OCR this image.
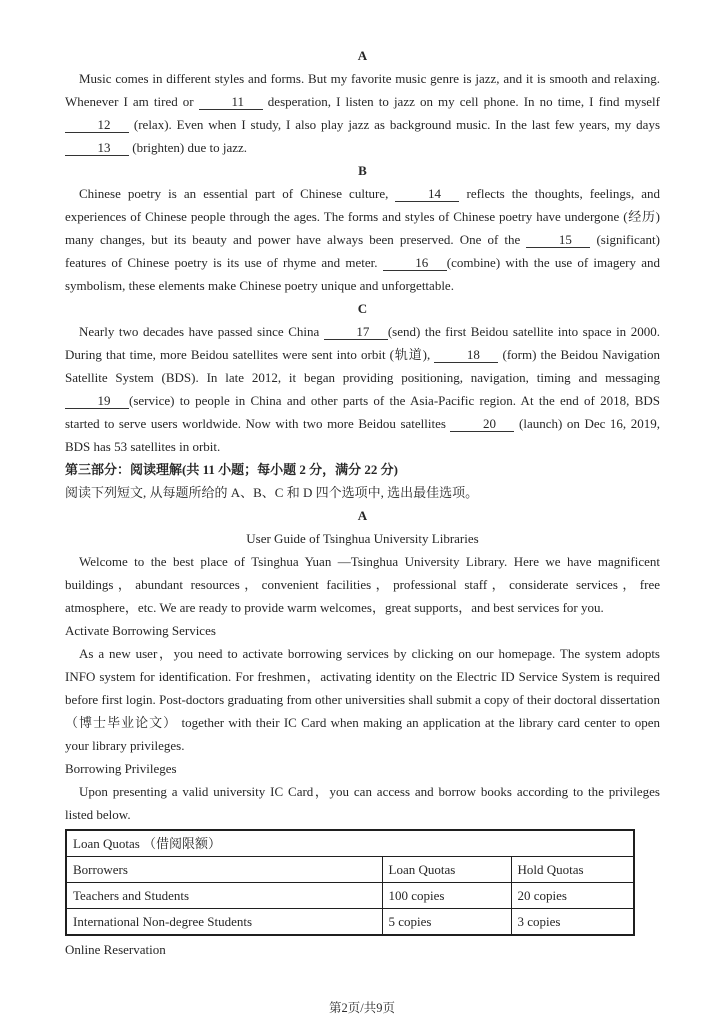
A

Music comes in different styles and forms. But my favorite music genre is jazz, and it is smooth and relaxing. Whenever I am tired or	11 desperation, I listen to jazz on my cell phone. In no time, I find myself 12 (relax). Even when I study, I also play jazz as background music. In the last few years, my days 13 (brighten) due to jazz.

B

Chinese poetry is an essential part of Chinese culture,	14 reflects the thoughts, feelings, and experiences of Chinese people through the ages. The forms and styles of Chinese poetry have undergone (经历) many changes, but its beauty and power have always been preserved. One of the	15 (significant) features of Chinese poetry is its use of rhyme and meter.	16 (combine) with the use of imagery and symbolism, these elements make Chinese poetry unique and unforgettable.

C

Nearly two decades have passed since China	17 (send) the first Beidou satellite into space in 2000. During that time, more Beidou satellites were sent into orbit (轨道),	18 (form) the Beidou Navigation Satellite System (BDS). In late 2012, it began providing positioning, navigation, timing and messaging 19 (service) to people in China and other parts of the Asia-Pacific region. At the end of 2018, BDS started to serve users worldwide. Now with two more Beidou satellites	20 (launch) on Dec 16, 2019, BDS has 53 satellites in orbit.

第三部分：阅读理解(共 11 小题；每小题 2 分，满分 22 分)
阅读下列短文, 从每题所给的 A、B、C 和 D 四个选项中, 选出最佳选项。
A
User Guide of Tsinghua University Libraries

Welcome to the best place of Tsinghua Yuan —Tsinghua University Library. Here we have magnificent buildings，abundant resources，convenient facilities，professional staff，considerate services，free atmosphere，etc. We are ready to provide warm welcomes，great supports，and best services for you.

Activate Borrowing Services

As a new user，you need to activate borrowing services by clicking on our homepage. The system adopts INFO system for identification. For freshmen，activating identity on the Electric ID Service System is required before first login. Post-doctors graduating from other universities shall submit a copy of their doctoral dissertation （博士毕业论文） together with their IC Card when making an application at the library card center to open your library privileges.

Borrowing Privileges

Upon presenting a valid university IC Card，you can access and borrow books according to the privileges listed below.

Loan Quotas （借阅限额）		
Borrowers	Loan Quotas	Hold Quotas
Teachers and Students	100 copies	20 copies
International Non-degree Students	5 copies	3 copies
Online Reservation
第2页/共9页
